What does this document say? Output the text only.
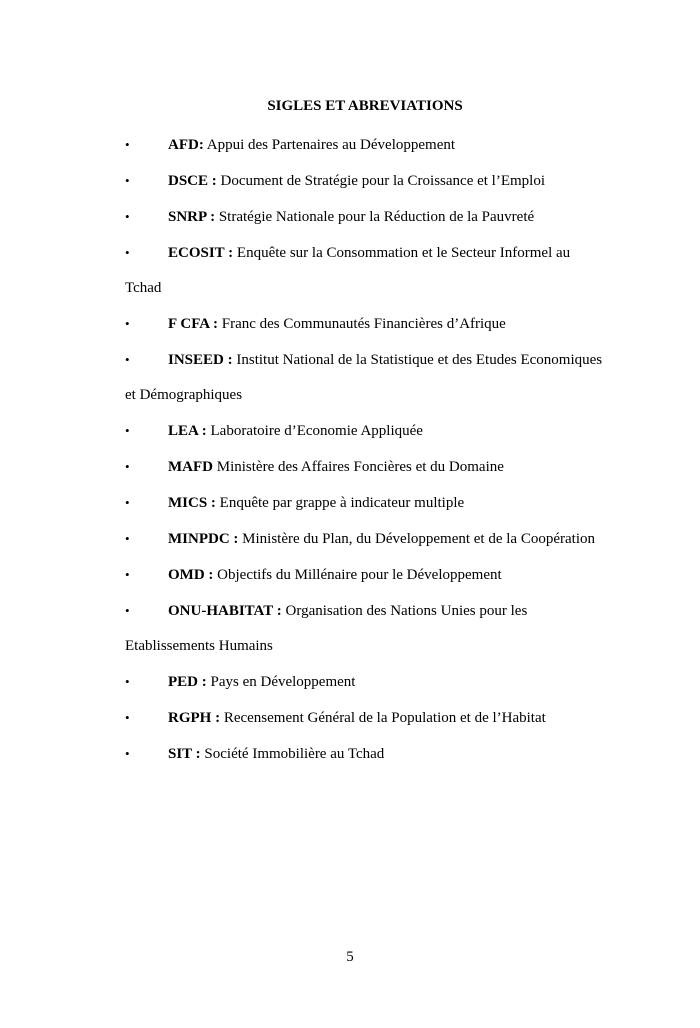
SIGLES ET ABREVIATIONS

•	AFD: Appui des Partenaires au Développement

•	DSCE : Document de Stratégie pour la Croissance et l’Emploi

•	SNRP : Stratégie Nationale pour la Réduction de la Pauvreté

•	ECOSIT : Enquête sur la Consommation et le Secteur Informel au Tchad

•	F CFA : Franc des Communautés Financières d’Afrique

•	INSEED : Institut National de la Statistique et des Etudes Economiques et Démographiques

•	LEA : Laboratoire d’Economie Appliquée

•	MAFD Ministère des Affaires Foncières et du Domaine

•	MICS : Enquête par grappe à indicateur multiple

•	MINPDC : Ministère du Plan, du Développement et de la Coopération

•	OMD : Objectifs du Millénaire pour le Développement

•	ONU-HABITAT : Organisation des Nations Unies pour les Etablissements Humains

•	PED : Pays en Développement

•	RGPH : Recensement Général de la Population et de l’Habitat

•	SIT : Société Immobilière au Tchad

5
